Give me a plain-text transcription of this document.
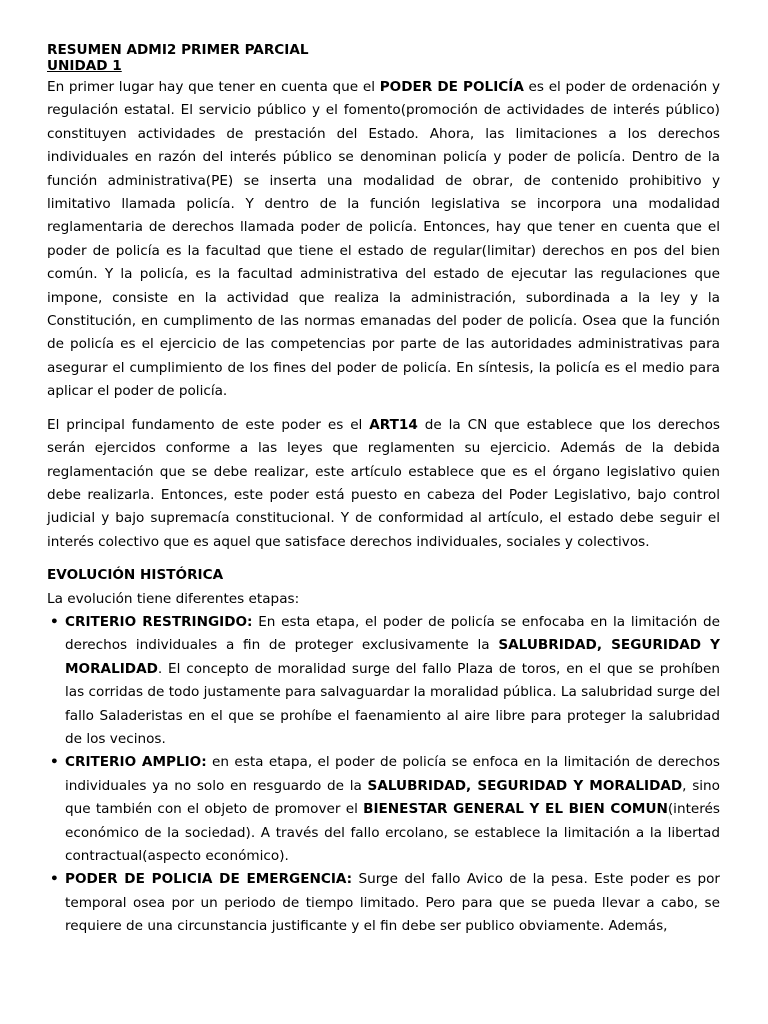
RESUMEN ADMI2 PRIMER PARCIAL
UNIDAD 1

En primer lugar hay que tener en cuenta que el PODER DE POLICÍA es el poder de ordenación y regulación estatal. El servicio público y el fomento(promoción de actividades de interés público) constituyen actividades de prestación del Estado. Ahora, las limitaciones a los derechos individuales en razón del interés público se denominan policía y poder de policía. Dentro de la función administrativa(PE) se inserta una modalidad de obrar, de contenido prohibitivo y limitativo llamada policía. Y dentro de la función legislativa se incorpora una modalidad reglamentaria de derechos llamada poder de policía. Entonces, hay que tener en cuenta que el poder de policía es la facultad que tiene el estado de regular(limitar) derechos en pos del bien común. Y la policía, es la facultad administrativa del estado de ejecutar las regulaciones que impone, consiste en la actividad que realiza la administración, subordinada a la ley y la Constitución, en cumplimento de las normas emanadas del poder de policía. Osea que la función de policía es el ejercicio de las competencias por parte de las autoridades administrativas para asegurar el cumplimiento de los fines del poder de policía. En síntesis, la policía es el medio para aplicar el poder de policía.

El principal fundamento de este poder es el ART14 de la CN que establece que los derechos serán ejercidos conforme a las leyes que reglamenten su ejercicio. Además de la debida reglamentación que se debe realizar, este artículo establece que es el órgano legislativo quien debe realizarla. Entonces, este poder está puesto en cabeza del Poder Legislativo, bajo control judicial y bajo supremacía constitucional. Y de conformidad al artículo, el estado debe seguir el interés colectivo que es aquel que satisface derechos individuales, sociales y colectivos.

EVOLUCIÓN HISTÓRICA
La evolución tiene diferentes etapas:
• CRITERIO RESTRINGIDO: En esta etapa, el poder de policía se enfocaba en la limitación de derechos individuales a fin de proteger exclusivamente la SALUBRIDAD, SEGURIDAD Y MORALIDAD. El concepto de moralidad surge del fallo Plaza de toros, en el que se prohíben las corridas de todo justamente para salvaguardar la moralidad pública. La salubridad surge del fallo Saladeristas en el que se prohíbe el faenamiento al aire libre para proteger la salubridad de los vecinos.
• CRITERIO AMPLIO: en esta etapa, el poder de policía se enfoca en la limitación de derechos individuales ya no solo en resguardo de la SALUBRIDAD, SEGURIDAD Y MORALIDAD, sino que también con el objeto de promover el BIENESTAR GENERAL Y EL BIEN COMUN(interés económico de la sociedad). A través del fallo ercolano, se establece la limitación a la libertad contractual(aspecto económico).
• PODER DE POLICIA DE EMERGENCIA: Surge del fallo Avico de la pesa. Este poder es por temporal osea por un periodo de tiempo limitado. Pero para que se pueda llevar a cabo, se requiere de una circunstancia justificante y el fin debe ser publico obviamente. Además,
